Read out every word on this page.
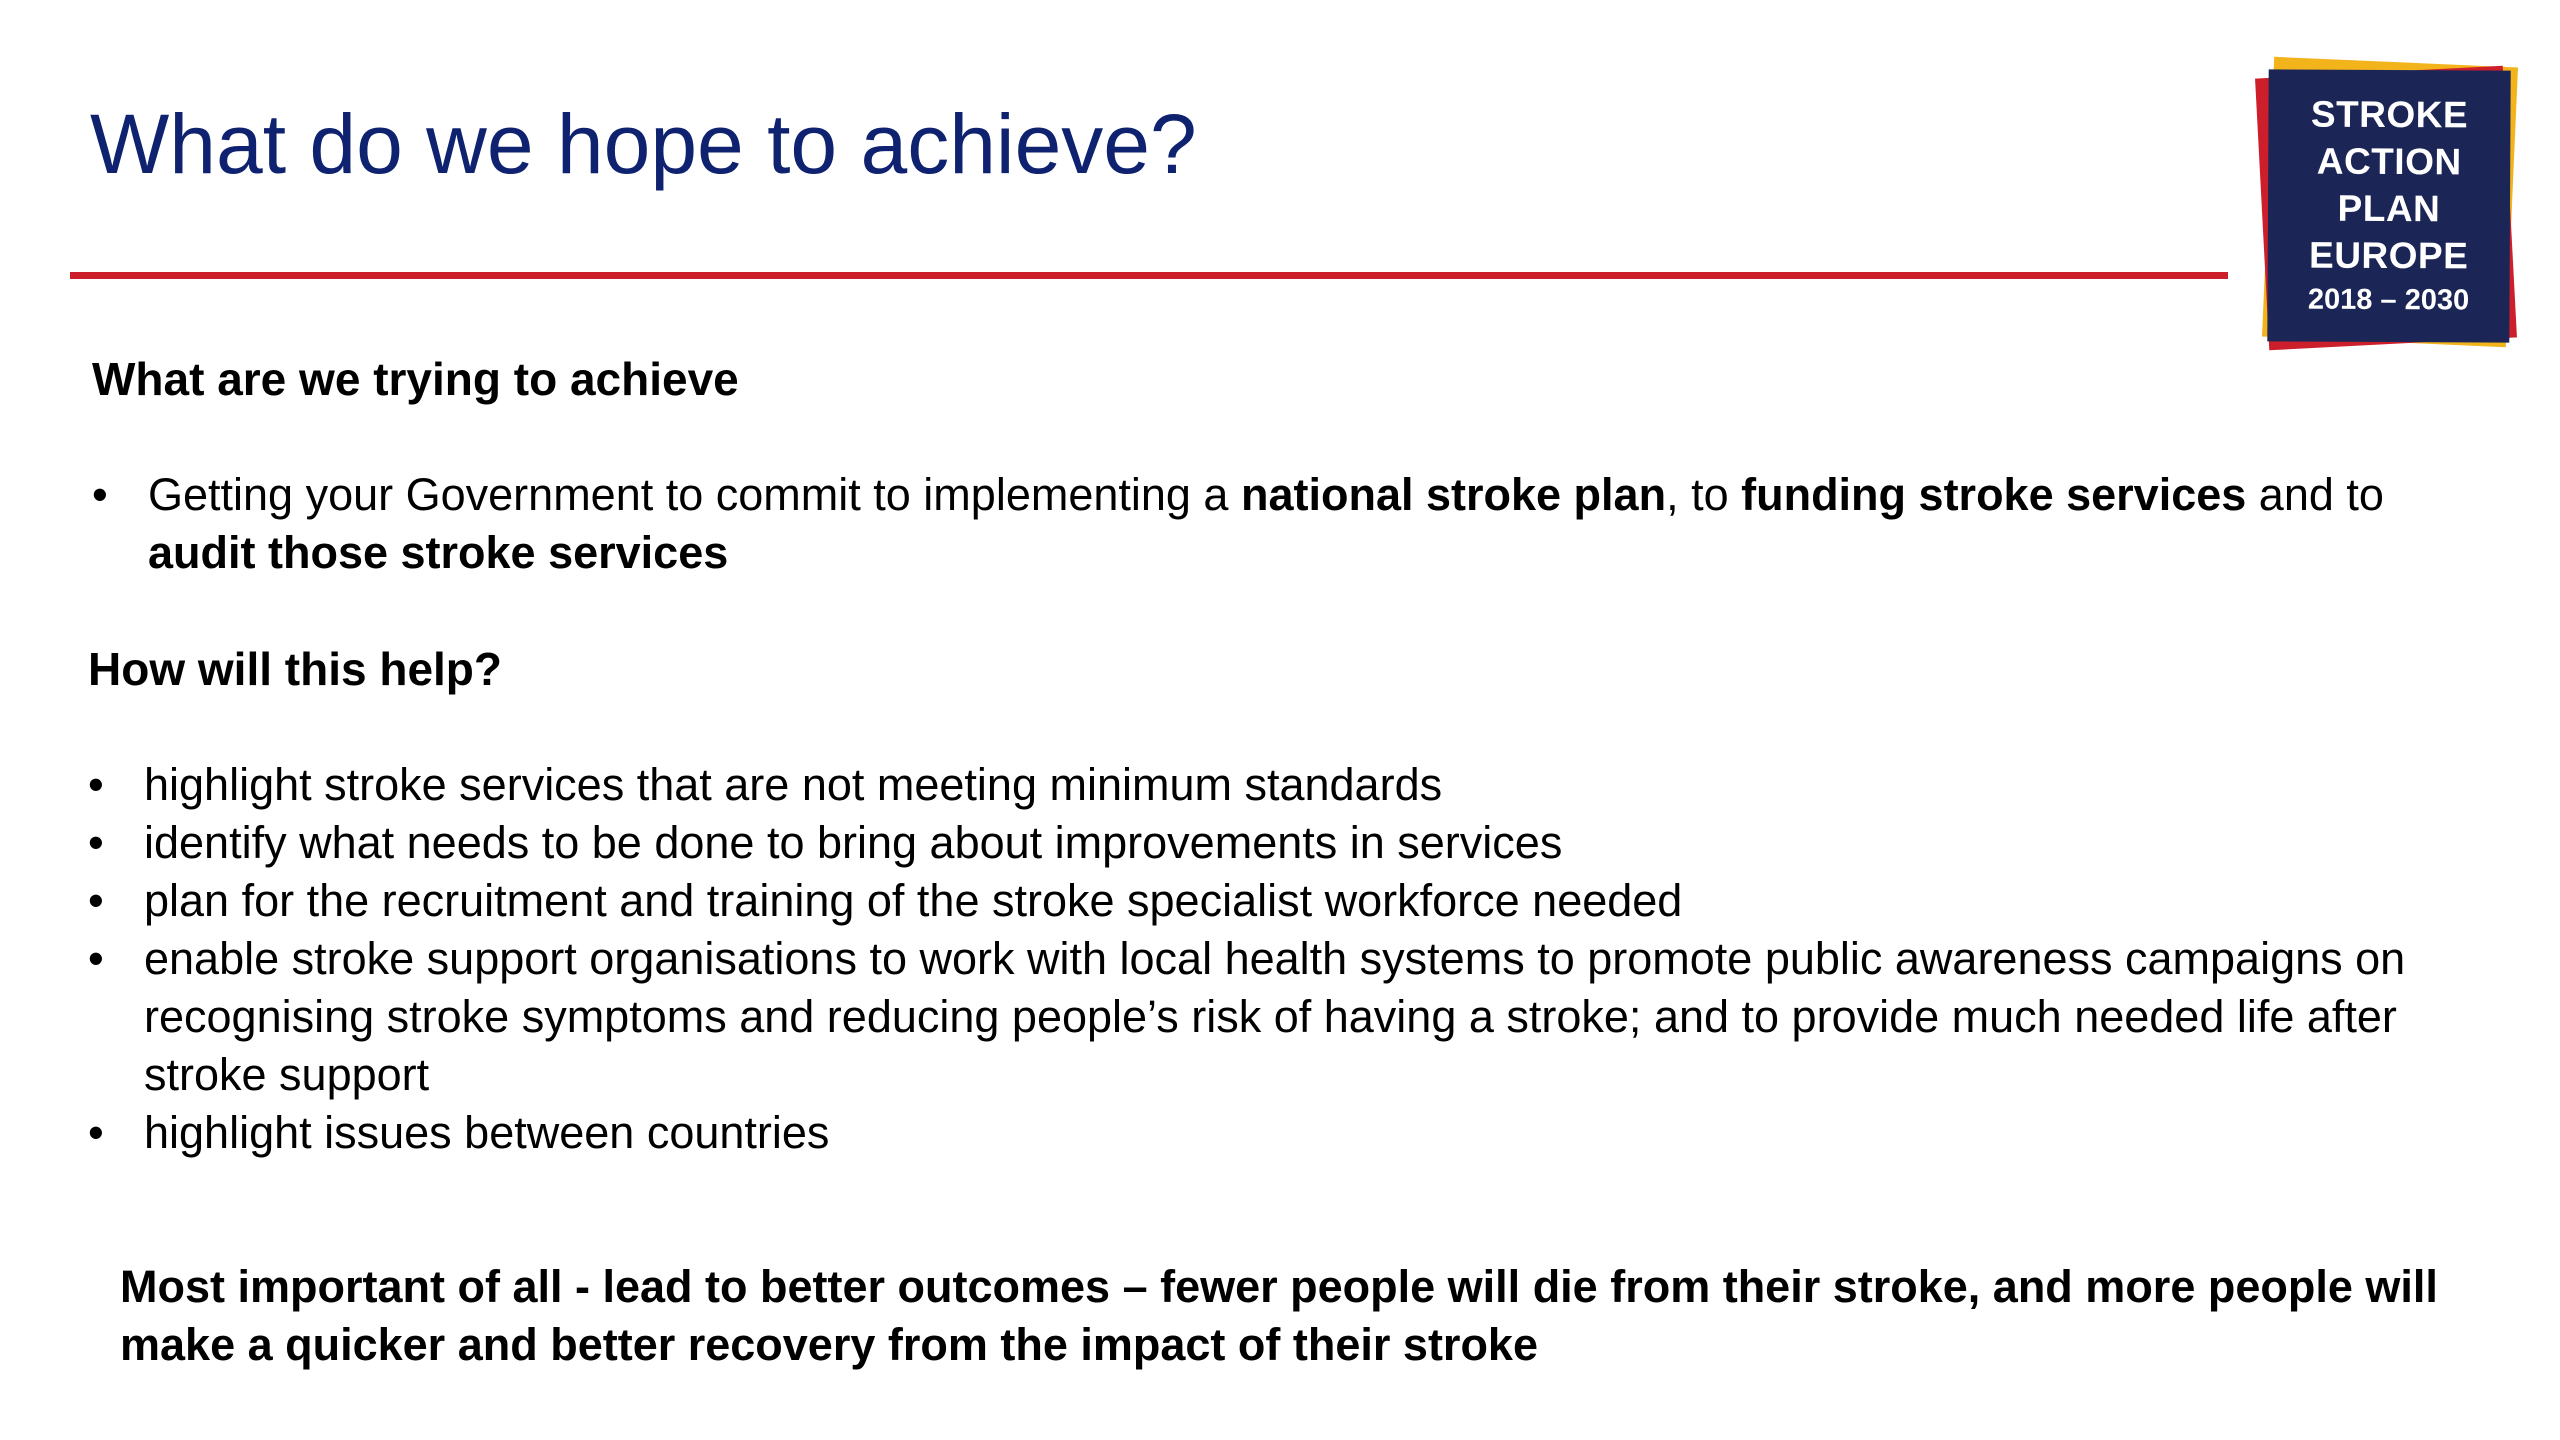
What do we hope to achieve?	STROKE
ACTION
PLAN
EUROPE
2018 – 2030
What are we trying to achieve
• Getting your Government to commit to implementing a national stroke plan, to funding stroke services and to audit those stroke services
How will this help?
• highlight stroke services that are not meeting minimum standards
• identify what needs to be done to bring about improvements in services
• plan for the recruitment and training of the stroke specialist workforce needed
• enable stroke support organisations to work with local health systems to promote public awareness campaigns on recognising stroke symptoms and reducing people’s risk of having a stroke; and to provide much needed life after stroke support
• highlight issues between countries

Most important of all - lead to better outcomes – fewer people will die from their stroke, and more people will make a quicker and better recovery from the impact of their stroke
